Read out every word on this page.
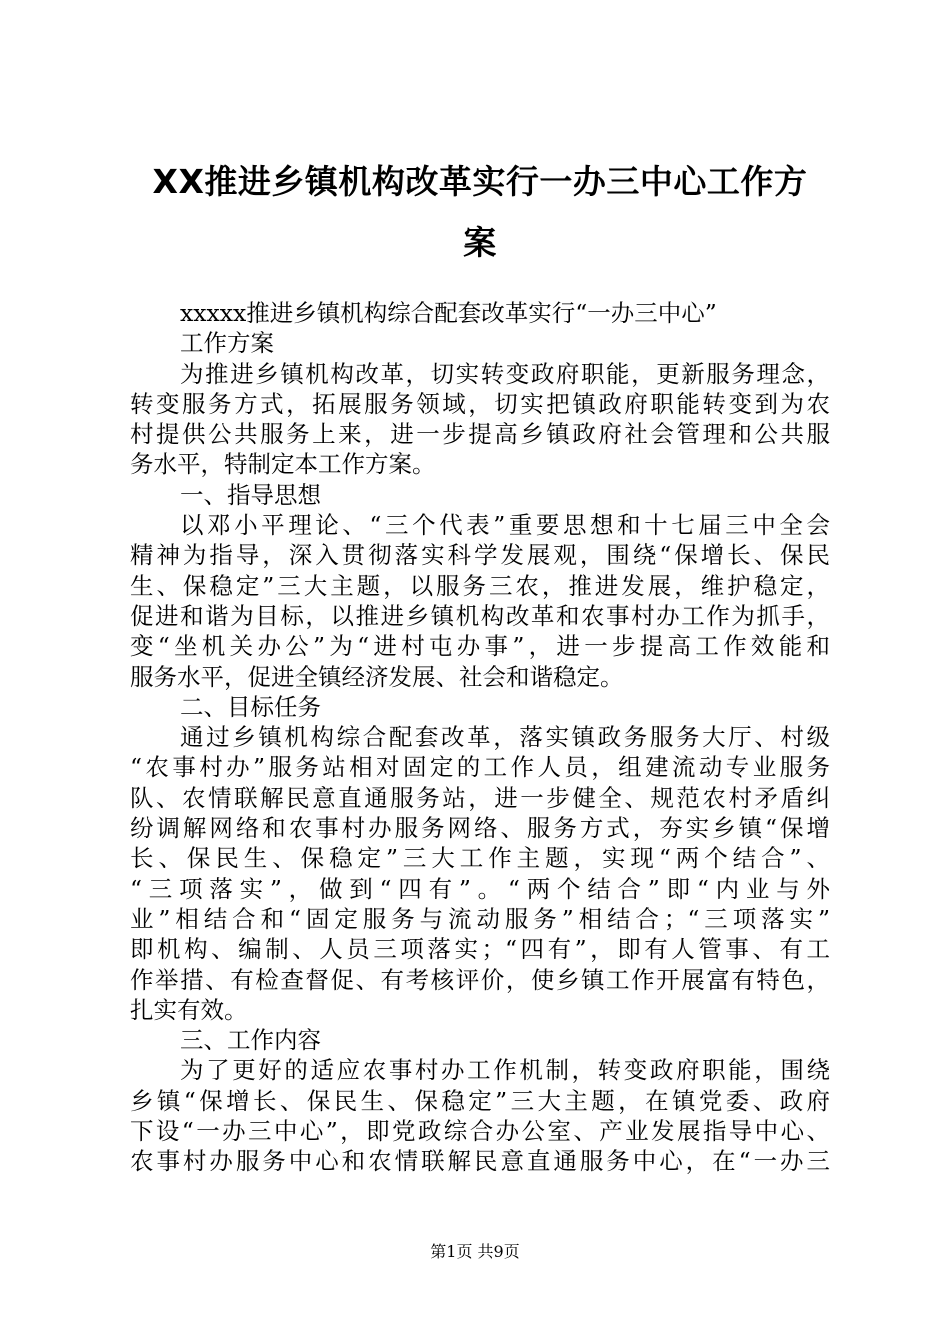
XX推进乡镇机构改革实行一办三中心工作方
案
xxxxx推进乡镇机构综合配套改革实行“一办三中心”
工作方案
为推进乡镇机构改革，切实转变政府职能，更新服务理念，
转变服务方式，拓展服务领域，切实把镇政府职能转变到为农
村提供公共服务上来，进一步提高乡镇政府社会管理和公共服
务水平，特制定本工作方案。
一、指导思想
以邓小平理论、“三个代表”重要思想和十七届三中全会
精神为指导，深入贯彻落实科学发展观，围绕“保增长、保民
生、保稳定”三大主题，以服务三农，推进发展，维护稳定，
促进和谐为目标，以推进乡镇机构改革和农事村办工作为抓手，
变“坐机关办公”为“进村屯办事”，进一步提高工作效能和
服务水平，促进全镇经济发展、社会和谐稳定。
二、目标任务
通过乡镇机构综合配套改革，落实镇政务服务大厅、村级
“农事村办”服务站相对固定的工作人员，组建流动专业服务
队、农情联解民意直通服务站，进一步健全、规范农村矛盾纠
纷调解网络和农事村办服务网络、服务方式，夯实乡镇“保增
长、保民生、保稳定”三大工作主题，实现“两个结合”、
“三项落实”，做到“四有”。“两个结合”即“内业与外
业”相结合和“固定服务与流动服务”相结合；“三项落实”
即机构、编制、人员三项落实；“四有”，即有人管事、有工
作举措、有检查督促、有考核评价，使乡镇工作开展富有特色，
扎实有效。
三、工作内容
为了更好的适应农事村办工作机制，转变政府职能，围绕
乡镇“保增长、保民生、保稳定”三大主题，在镇党委、政府
下设“一办三中心”，即党政综合办公室、产业发展指导中心、
农事村办服务中心和农情联解民意直通服务中心，在“一办三
第1页 共9页
